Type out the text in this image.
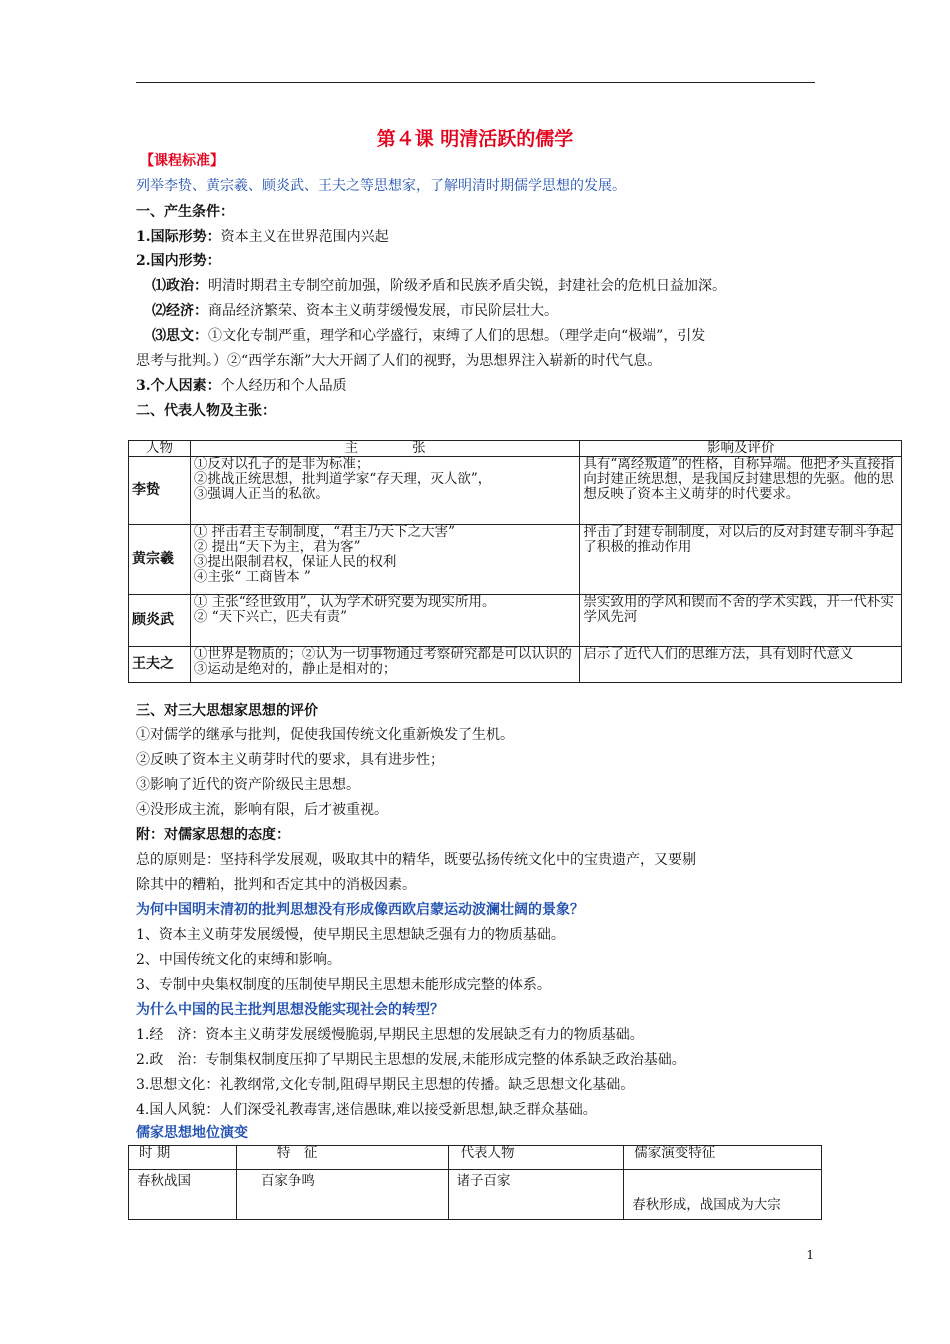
第４课 明清活跃的儒学
【课程标准】
列举李贽、黄宗羲、顾炎武、王夫之等思想家，了解明清时期儒学思想的发展。
一、产生条件：
1.国际形势：资本主义在世界范围内兴起
2.国内形势：
⑴政治：明清时期君主专制空前加强，阶级矛盾和民族矛盾尖锐，封建社会的危机日益加深。
⑵经济：商品经济繁荣、资本主义萌芽缓慢发展，市民阶层壮大。
⑶思文：①文化专制严重，理学和心学盛行，束缚了人们的思想。（理学走向“极端”，引发
思考与批判。）②“西学东渐”大大开阔了人们的视野，为思想界注入崭新的时代气息。
3.个人因素：个人经历和个人品质
二、代表人物及主张：
人物	主　　　　张	影响及评价
李贽	①反对以孔子的是非为标准；
②挑战正统思想，批判道学家“存天理，灭人欲”，
③强调人正当的私欲。	具有“离经叛道”的性格，自称异端。他把矛头直接指向封建正统思想，是我国反封建思想的先驱。他的思想反映了资本主义萌芽的时代要求。
黄宗羲	① 抨击君主专制制度，“君主乃天下之大害”
② 提出“天下为主，君为客”
③提出限制君权，保证人民的权利
④主张“ 工商皆本 ”	抨击了封建专制制度，对以后的反对封建专制斗争起了积极的推动作用
顾炎武	① 主张“经世致用”，认为学术研究要为现实所用。
② “天下兴亡，匹夫有责”	崇实致用的学风和锲而不舍的学术实践，开一代朴实学风先河
王夫之	①世界是物质的；②认为一切事物通过考察研究都是可以认识的③运动是绝对的，静止是相对的；	启示了近代人们的思维方法，具有划时代意义
三、对三大思想家思想的评价
①对儒学的继承与批判，促使我国传统文化重新焕发了生机。
②反映了资本主义萌芽时代的要求，具有进步性；
③影响了近代的资产阶级民主思想。
④没形成主流，影响有限，后才被重视。
附：对儒家思想的态度：
总的原则是：坚持科学发展观，吸取其中的精华，既要弘扬传统文化中的宝贵遗产，又要剔
除其中的糟粕，批判和否定其中的消极因素。
为何中国明末清初的批判思想没有形成像西欧启蒙运动波澜壮阔的景象？
1、资本主义萌芽发展缓慢，使早期民主思想缺乏强有力的物质基础。
2、中国传统文化的束缚和影响。
3、专制中央集权制度的压制使早期民主思想未能形成完整的体系。
为什么中国的民主批判思想没能实现社会的转型？
1.经　济：资本主义萌芽发展缓慢脆弱,早期民主思想的发展缺乏有力的物质基础。
2.政　治：专制集权制度压抑了早期民主思想的发展,未能形成完整的体系缺乏政治基础。
3.思想文化：礼教纲常,文化专制,阻碍早期民主思想的传播。缺乏思想文化基础。
4.国人风貌：人们深受礼教毒害,迷信愚昧,难以接受新思想,缺乏群众基础。
儒家思想地位演变
时 期	特　征	代表人物	儒家演变特征
春秋战国	百家争鸣	诸子百家	春秋形成，战国成为大宗
1
